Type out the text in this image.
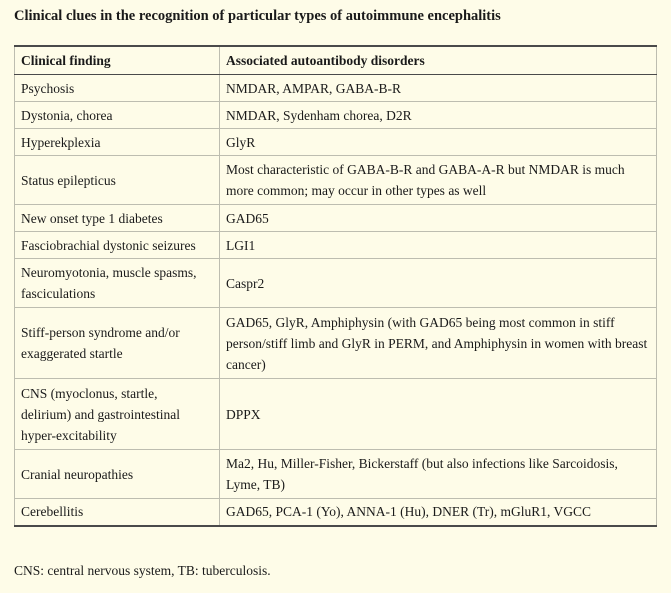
Clinical clues in the recognition of particular types of autoimmune encephalitis
Clinical finding	Associated autoantibody disorders
Psychosis	NMDAR, AMPAR, GABA-B-R
Dystonia, chorea	NMDAR, Sydenham chorea, D2R
Hyperekplexia	GlyR
Status epilepticus	Most characteristic of GABA-B-R and GABA-A-R but NMDAR is much more common; may occur in other types as well
New onset type 1 diabetes	GAD65
Fasciobrachial dystonic seizures	LGI1
Neuromyotonia, muscle spasms, fasciculations	Caspr2
Stiff-person syndrome and/or exaggerated startle	GAD65, GlyR, Amphiphysin (with GAD65 being most common in stiff person/stiff limb and GlyR in PERM, and Amphiphysin in women with breast cancer)
CNS (myoclonus, startle, delirium) and gastrointestinal hyper-excitability	DPPX
Cranial neuropathies	Ma2, Hu, Miller-Fisher, Bickerstaff (but also infections like Sarcoidosis, Lyme, TB)
Cerebellitis	GAD65, PCA-1 (Yo), ANNA-1 (Hu), DNER (Tr), mGluR1, VGCC
CNS: central nervous system, TB: tuberculosis.
